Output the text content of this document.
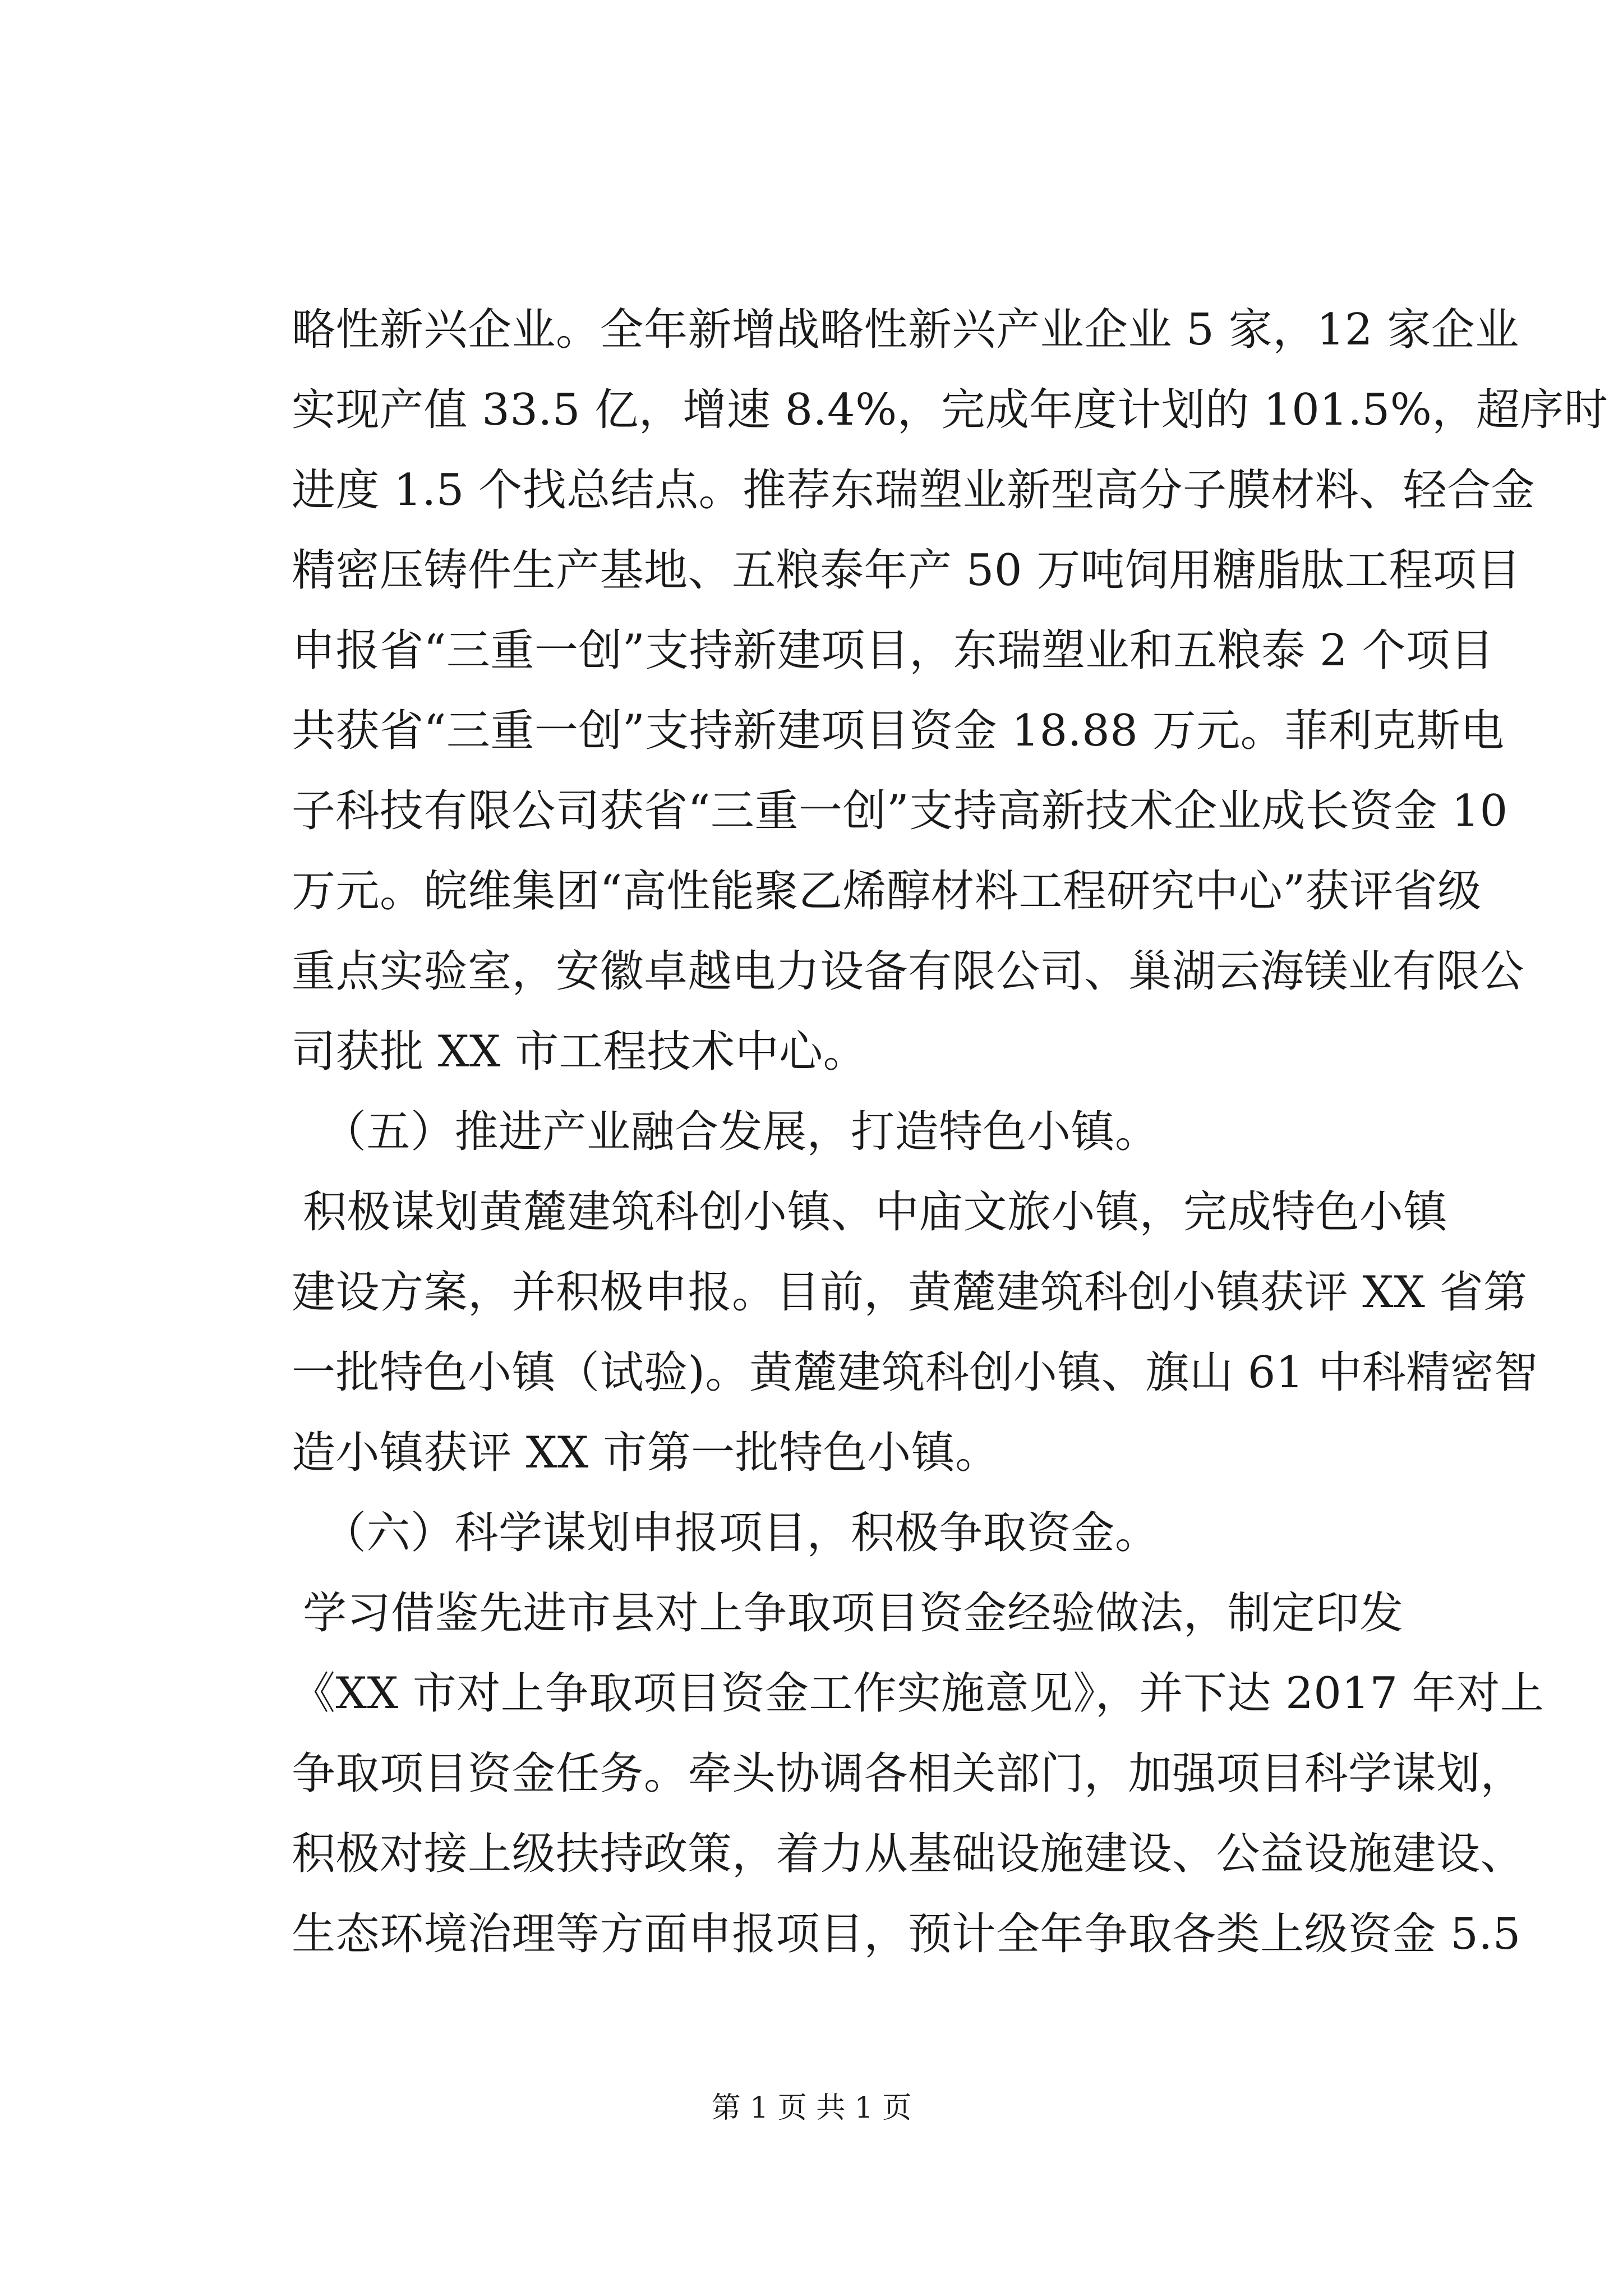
略性新兴企业。全年新增战略性新兴产业企业 5 家，12 家企业
实现产值 33.5 亿，增速 8.4%，完成年度计划的 101.5%，超序时
进度 1.5 个找总结点。推荐东瑞塑业新型高分子膜材料、轻合金
精密压铸件生产基地、五粮泰年产 50 万吨饲用糖脂肽工程项目
申报省“三重一创”支持新建项目，东瑞塑业和五粮泰 2 个项目
共获省“三重一创”支持新建项目资金 18.88 万元。菲利克斯电
子科技有限公司获省“三重一创”支持高新技术企业成长资金 10
万元。皖维集团“高性能聚乙烯醇材料工程研究中心”获评省级
重点实验室，安徽卓越电力设备有限公司、巢湖云海镁业有限公
司获批 XX 市工程技术中心。
（五）推进产业融合发展，打造特色小镇。
积极谋划黄麓建筑科创小镇、中庙文旅小镇，完成特色小镇
建设方案，并积极申报。目前，黄麓建筑科创小镇获评 XX 省第
一批特色小镇（试验)。黄麓建筑科创小镇、旗山 61 中科精密智
造小镇获评 XX 市第一批特色小镇。
（六）科学谋划申报项目，积极争取资金。
学习借鉴先进市县对上争取项目资金经验做法，制定印发
《XX 市对上争取项目资金工作实施意见》，并下达 2017 年对上
争取项目资金任务。牵头协调各相关部门，加强项目科学谋划，
积极对接上级扶持政策，着力从基础设施建设、公益设施建设、
生态环境治理等方面申报项目，预计全年争取各类上级资金 5.5
第 1 页 共 1 页
